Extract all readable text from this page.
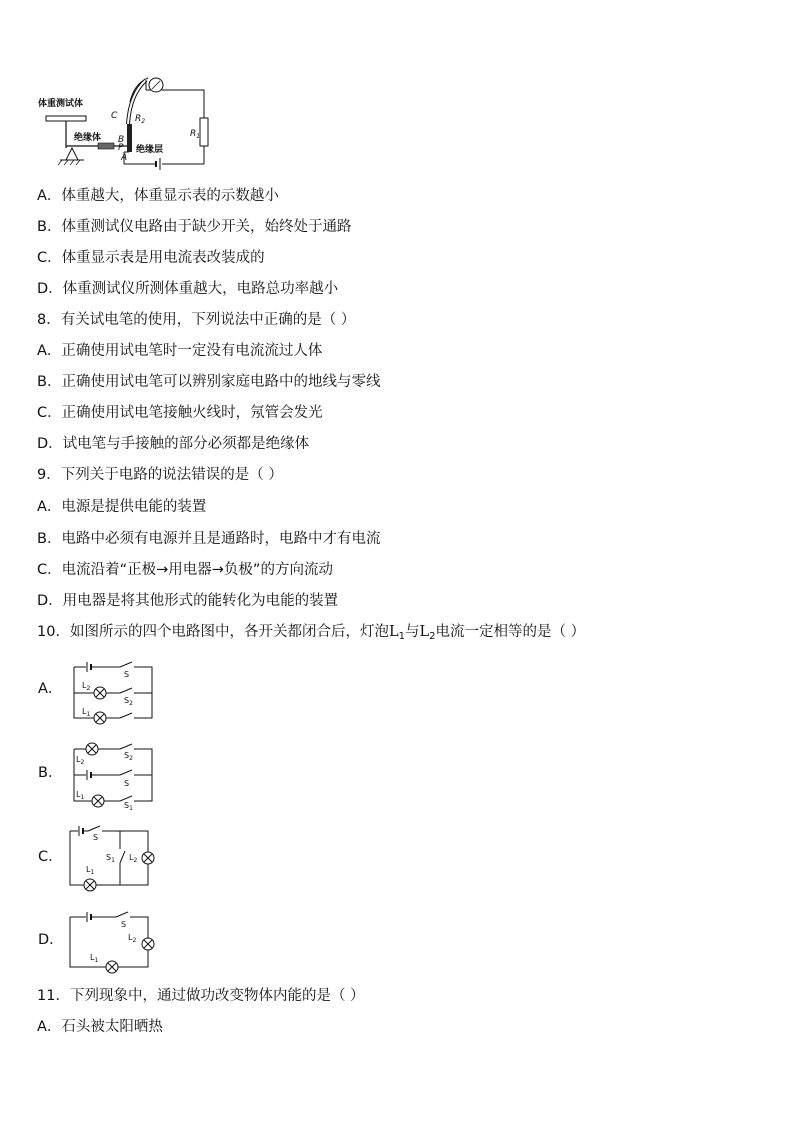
体重测试体
绝缘体
绝缘层
C
B
P
A
$R_2$
$R_1$
A．体重越大，体重显示表的示数越小
B．体重测试仪电路由于缺少开关，始终处于通路
C．体重显示表是用电流表改装成的
D．体重测试仪所测体重越大，电路总功率越小
8．有关试电笔的使用，下列说法中正确的是（ ）
A．正确使用试电笔时一定没有电流流过人体
B．正确使用试电笔可以辨别家庭电路中的地线与零线
C．正确使用试电笔接触火线时，氖管会发光
D．试电笔与手接触的部分必须都是绝缘体
9．下列关于电路的说法错误的是（ ）
A．电源是提供电能的装置
B．电路中必须有电源并且是通路时，电路中才有电流
C．电流沿着“正极→用电器→负极”的方向流动
D．用电器是将其他形式的能转化为电能的装置
10．如图所示的四个电路图中，各开关都闭合后，灯泡$L_1$与$L_2$电流一定相等的是（ ）
A．
S
$L_2$
$S_2$
$L_1$
B．
$L_2$
$S_2$
S
$L_1$
$S_1$
C．
S
$S_1$ $L_2$
$L_1$
D．
S
$L_2$
$L_1$
11．下列现象中，通过做功改变物体内能的是（ ）
A．石头被太阳晒热
